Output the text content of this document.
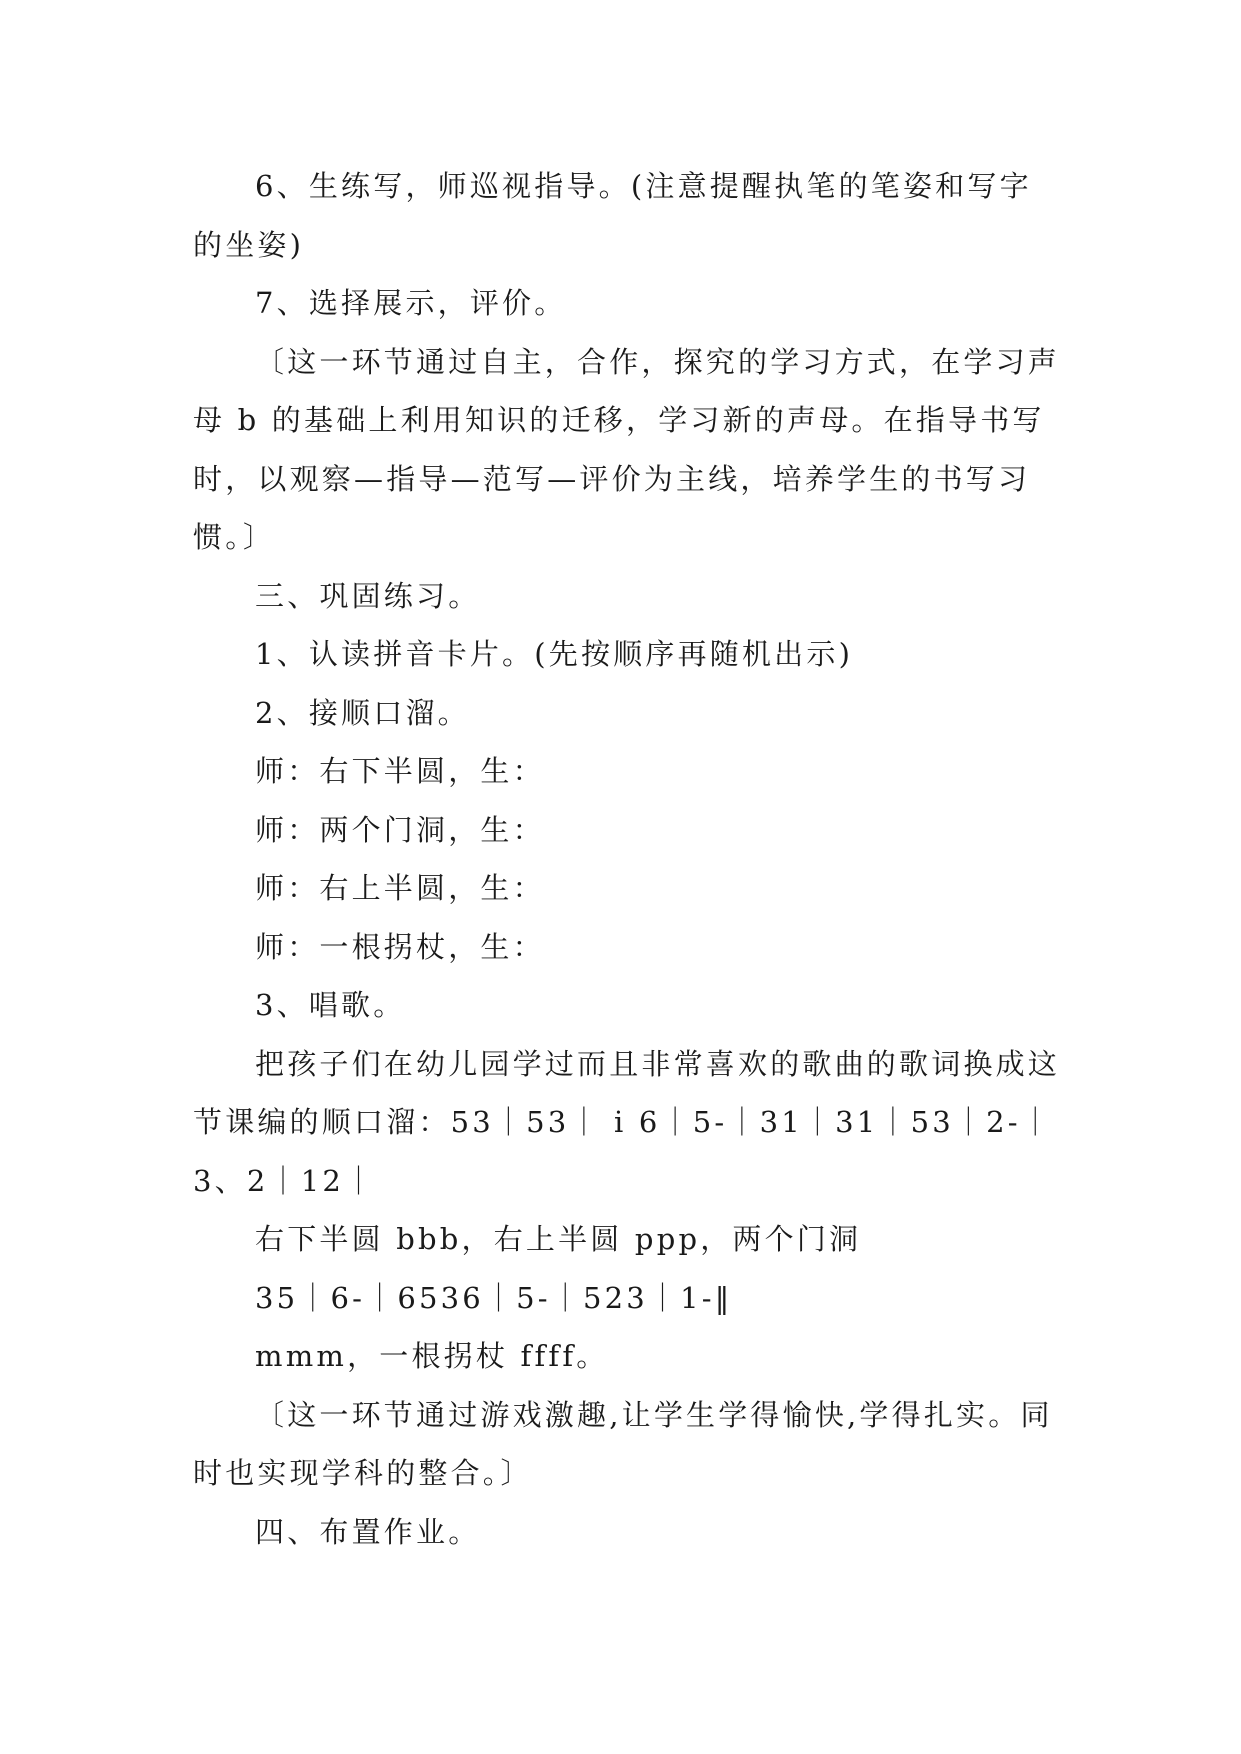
6、生练写，师巡视指导。(注意提醒执笔的笔姿和写字的坐姿)

7、选择展示，评价。

〔这一环节通过自主，合作，探究的学习方式，在学习声母 b 的基础上利用知识的迁移，学习新的声母。在指导书写时，以观察—指导—范写—评价为主线，培养学生的书写习惯。〕

三、巩固练习。

1、认读拼音卡片。(先按顺序再随机出示)

2、接顺口溜。

师：右下半圆，生：

师：两个门洞，生：

师：右上半圆，生：

师：一根拐杖，生：

3、唱歌。

把孩子们在幼儿园学过而且非常喜欢的歌曲的歌词换成这节课编的顺口溜：53｜53｜ i 6｜5-｜31｜31｜53｜2-｜3、2｜12｜

右下半圆 bbb，右上半圆 ppp，两个门洞

35｜6-｜6536｜5-｜523｜1-‖

mmm，一根拐杖 ffff。

〔这一环节通过游戏激趣,让学生学得愉快,学得扎实。同时也实现学科的整合。〕

四、布置作业。
